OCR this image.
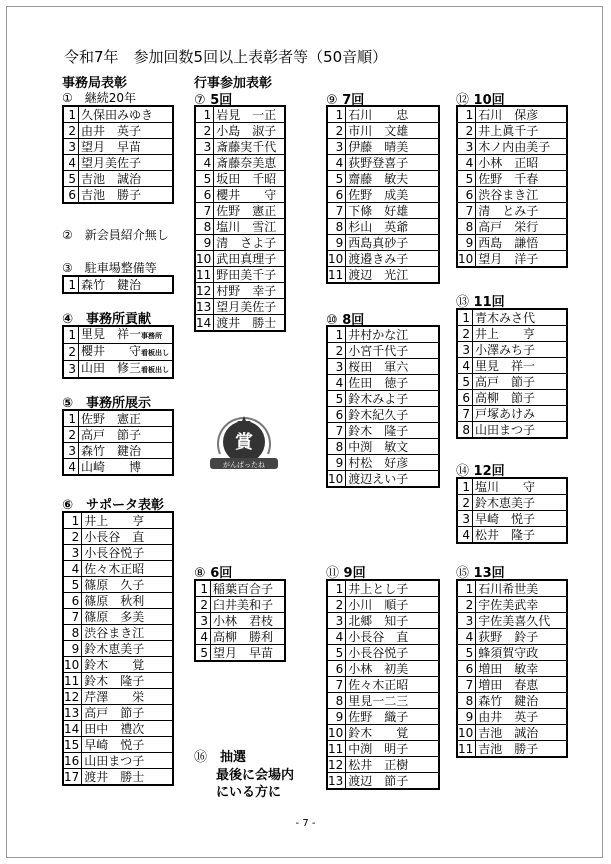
令和7年　参加回数5回以上表彰者等（50音順）
事務局表彰
①　継続20年
1	久保田みゆき
2	由井　英子
3	望月　早苗
4	望月美佐子
5	吉池　誠治
6	吉池　勝子
②　新会員紹介無し
③　駐車場整備等
1	森竹　鍵治
④　事務所貢献
1	里見　祥一事務所
2	櫻井　　守看板出し
3	山田　修三看板出し
⑤　事務所展示
1	佐野　憲正
2	高戸　節子
3	森竹　鍵治
4	山崎　　博
⑥　サポータ表彰
1	井上　　亨
2	小長谷　直
3	小長谷悦子
4	佐々木正昭
5	篠原　久子
6	篠原　秋利
7	篠原　多美
8	渋谷まき江
9	鈴木恵美子
10	鈴木　　覚
11	鈴木　隆子
12	芹澤　　栄
13	高戸　節子
14	田中　禮次
15	早崎　悦子
16	山田まつ子
17	渡井　勝士
行事参加表彰
⑦ 5回
1	岩見　一正
2	小島　淑子
3	斎藤実千代
4	斎藤奈美恵
5	坂田　千昭
6	櫻井　　守
7	佐野　憲正
8	塩川　雪江
9	清　さよ子
10	武田真理子
11	野田美千子
12	村野　幸子
13	望月美佐子
14	渡井　勝士
⑧ 6回
1	稲葉百合子
2	臼井美和子
3	小林　君枝
4	高柳　勝利
5	望月　早苗
⑨ 7回
1	石川　　忠
2	市川　文雄
3	伊藤　晴美
4	荻野登喜子
5	齋藤　敏夫
6	佐野　成美
7	下條　好雄
8	杉山　英爺
9	西島真砂子
10	渡邉きみ子
11	渡辺　光江
⑩ 8回
1	井村かな江
2	小宮千代子
3	桜田　軍六
4	佐田　徳子
5	鈴木みよ子
6	鈴木紀久子
7	鈴木　隆子
8	中渕　敏文
9	村松　好彦
10	渡辺えい子
⑪ 9回
1	井上とし子
2	小川　順子
3	北郷　知子
4	小長谷　直
5	小長谷悦子
6	小林　初美
7	佐々木正昭
8	里見一二三
9	佐野　織子
10	鈴木　　覚
11	中渕　明子
12	松井　正樹
13	渡辺　節子
⑫ 10回
1	石川　保彦
2	井上眞千子
3	木ノ内由美子
4	小林　正昭
5	佐野　千春
6	渋谷まき江
7	清　とみ子
8	高戸　栄行
9	西島　謙悟
10	望月　洋子
⑬ 11回
1	青木みさ代
2	井上　　亨
3	小澤みち子
4	里見　祥一
5	高戸　節子
6	高柳　節子
7	戸塚あけみ
8	山田まつ子
⑭ 12回
1	塩川　　守
2	鈴木恵美子
3	早崎　悦子
4	松井　隆子
⑮ 13回
1	石川希世美
2	宇佐美武幸
3	宇佐美喜久代
4	荻野　鈴子
5	蜂須賀守政
6	増田　敏幸
7	増田　春恵
8	森竹　鍵治
9	由井　英子
10	吉池　誠治
11	吉池　勝子
賞
がんばったね
⑯　 抽選
最後に会場内
にいる方に
- 7 -
